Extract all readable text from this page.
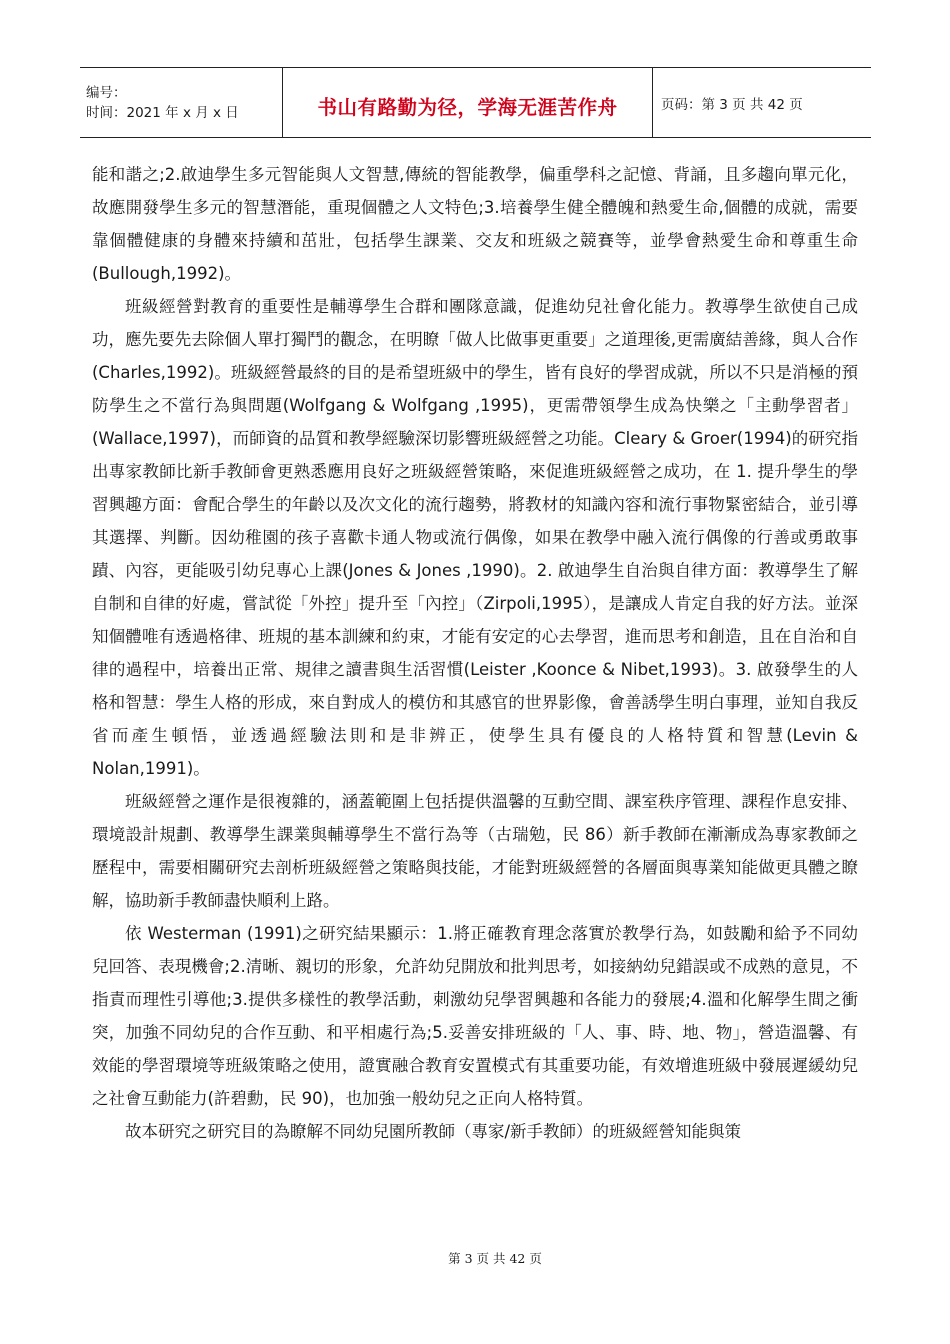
编号：
时间：2021 年 x 月 x 日	书山有路勤为径，学海无涯苦作舟	页码：第 3 页 共 42 页

能和諧之;2.啟迪學生多元智能與人文智慧,傳統的智能教學，偏重學科之記憶、背誦，且多趨向單元化，故應開發學生多元的智慧潛能，重現個體之人文特色;3.培養學生健全體魄和熱愛生命,個體的成就，需要靠個體健康的身體來持續和茁壯，包括學生課業、交友和班級之競賽等，並學會熱愛生命和尊重生命(Bullough,1992)。

班級經營對教育的重要性是輔導學生合群和團隊意識，促進幼兒社會化能力。教導學生欲使自己成功，應先要先去除個人單打獨鬥的觀念，在明瞭「做人比做事更重要」之道理後,更需廣結善緣，與人合作(Charles,1992)。班級經營最終的目的是希望班級中的學生，皆有良好的學習成就，所以不只是消極的預防學生之不當行為與問題(Wolfgang & Wolfgang ,1995)，更需帶領學生成為快樂之「主動學習者」(Wallace,1997)，而師資的品質和教學經驗深切影響班級經營之功能。Cleary & Groer(1994)的研究指出專家教師比新手教師會更熟悉應用良好之班級經營策略，來促進班級經營之成功，在 1. 提升學生的學習興趣方面：會配合學生的年齡以及次文化的流行趨勢，將教材的知識內容和流行事物緊密結合，並引導其選擇、判斷。因幼稚園的孩子喜歡卡通人物或流行偶像，如果在教學中融入流行偶像的行善或勇敢事蹟、內容，更能吸引幼兒專心上課(Jones & Jones ,1990)。2. 啟迪學生自治與自律方面：教導學生了解自制和自律的好處，嘗試從「外控」提升至「內控」（Zirpoli,1995），是讓成人肯定自我的好方法。並深知個體唯有透過格律、班規的基本訓練和約束，才能有安定的心去學習，進而思考和創造，且在自治和自律的過程中，培養出正常、規律之讀書與生活習慣(Leister ,Koonce & Nibet,1993)。3. 啟發學生的人格和智慧：學生人格的形成，來自對成人的模仿和其感官的世界影像，會善誘學生明白事理，並知自我反省而產生頓悟，並透過經驗法則和是非辨正，使學生具有優良的人格特質和智慧(Levin & Nolan,1991)。

班級經營之運作是很複雜的，涵蓋範圍上包括提供溫馨的互動空間、課室秩序管理、課程作息安排、環境設計規劃、教導學生課業與輔導學生不當行為等（古瑞勉，民 86）新手教師在漸漸成為專家教師之歷程中，需要相關研究去剖析班級經營之策略與技能，才能對班級經營的各層面與專業知能做更具體之瞭解，協助新手教師盡快順利上路。

依 Westerman (1991)之研究結果顯示：1.將正確教育理念落實於教學行為，如鼓勵和給予不同幼兒回答、表現機會;2.清晰、親切的形象，允許幼兒開放和批判思考，如接納幼兒錯誤或不成熟的意見，不指責而理性引導他;3.提供多樣性的教學活動，刺激幼兒學習興趣和各能力的發展;4.溫和化解學生間之衝突，加強不同幼兒的合作互動、和平相處行為;5.妥善安排班級的「人、事、時、地、物」，營造溫馨、有效能的學習環境等班級策略之使用，證實融合教育安置模式有其重要功能，有效增進班級中發展遲緩幼兒之社會互動能力(許碧勳，民 90)，也加強一般幼兒之正向人格特質。

故本研究之研究目的為瞭解不同幼兒園所教師（專家/新手教師）的班級經營知能與策

第 3 页 共 42 页
